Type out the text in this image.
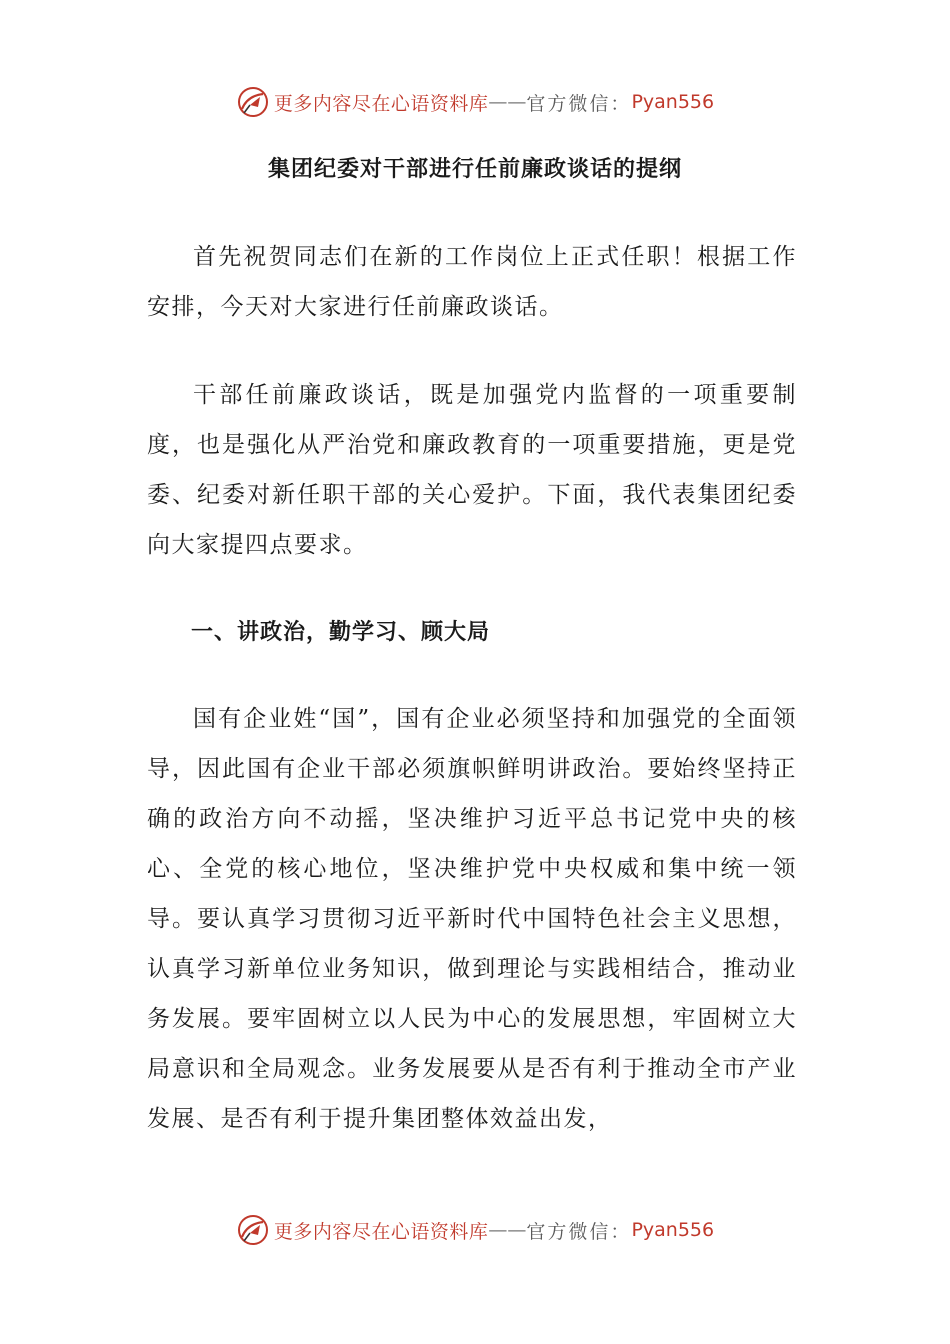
更多内容尽在心语资料库 —— 官方微信： Pyan556
集团纪委对干部进行任前廉政谈话的提纲

首先祝贺同志们在新的工作岗位上正式任职！根据工作安排，今天对大家进行任前廉政谈话。

干部任前廉政谈话，既是加强党内监督的一项重要制度，也是强化从严治党和廉政教育的一项重要措施，更是党委、纪委对新任职干部的关心爱护。下面，我代表集团纪委向大家提四点要求。

一、讲政治，勤学习、顾大局

国有企业姓“国”，国有企业必须坚持和加强党的全面领导，因此国有企业干部必须旗帜鲜明讲政治。要始终坚持正确的政治方向不动摇，坚决维护习近平总书记党中央的核心、全党的核心地位，坚决维护党中央权威和集中统一领导。要认真学习贯彻习近平新时代中国特色社会主义思想，认真学习新单位业务知识，做到理论与实践相结合，推动业务发展。要牢固树立以人民为中心的发展思想，牢固树立大局意识和全局观念。业务发展要从是否有利于推动全市产业发展、是否有利于提升集团整体效益出发，

更多内容尽在心语资料库 —— 官方微信： Pyan556
